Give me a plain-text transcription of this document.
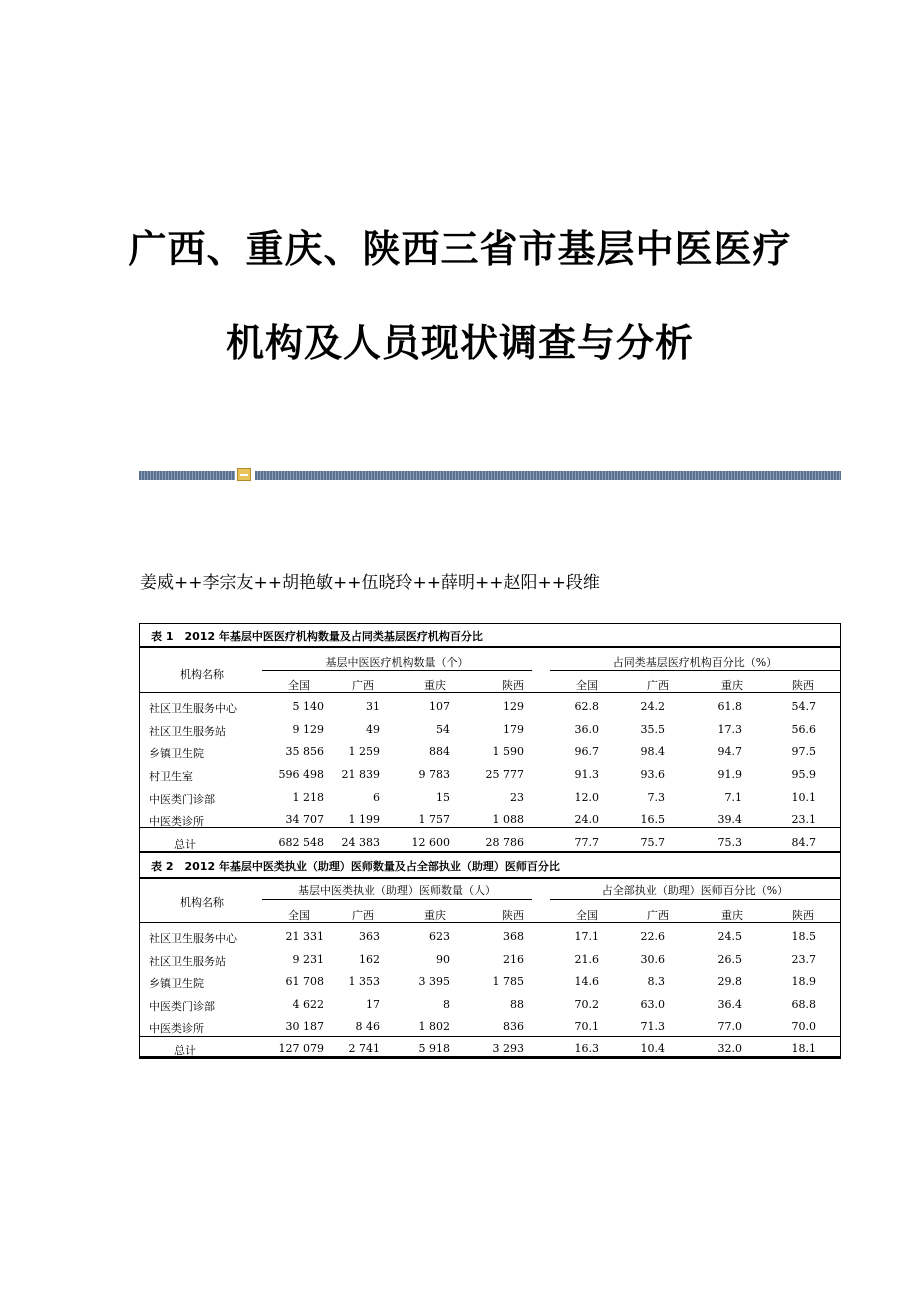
广西、重庆、陕西三省市基层中医医疗
机构及人员现状调查与分析
姜威++李宗友++胡艳敏++伍晓玲++薛明++赵阳++段维
表 1　2012 年基层中医医疗机构数量及占同类基层医疗机构百分比
机构名称
基层中医医疗机构数量（个）	占同类基层医疗机构百分比（%）
全国	广西	重庆	陕西	全国	广西	重庆	陕西
社区卫生服务中心	5 140	31	107	129	62.8	24.2	61.8	54.7
社区卫生服务站	9 129	49	54	179	36.0	35.5	17.3	56.6
乡镇卫生院	35 856	1 259	884	1 590	96.7	98.4	94.7	97.5
村卫生室	596 498	21 839	9 783	25 777	91.3	93.6	91.9	95.9
中医类门诊部	1 218	6	15	23	12.0	7.3	7.1	10.1
中医类诊所	34 707	1 199	1 757	1 088	24.0	16.5	39.4	23.1
总计	682 548	24 383	12 600	28 786	77.7	75.7	75.3	84.7
表 2　2012 年基层中医类执业（助理）医师数量及占全部执业（助理）医师百分比
机构名称
基层中医类执业（助理）医师数量（人）	占全部执业（助理）医师百分比（%）
全国	广西	重庆	陕西	全国	广西	重庆	陕西
社区卫生服务中心	21 331	363	623	368	17.1	22.6	24.5	18.5
社区卫生服务站	9 231	162	90	216	21.6	30.6	26.5	23.7
乡镇卫生院	61 708	1 353	3 395	1 785	14.6	8.3	29.8	18.9
中医类门诊部	4 622	17	8	88	70.2	63.0	36.4	68.8
中医类诊所	30 187	8 46	1 802	836	70.1	71.3	77.0	70.0
总计	127 079	2 741	5 918	3 293	16.3	10.4	32.0	18.1
